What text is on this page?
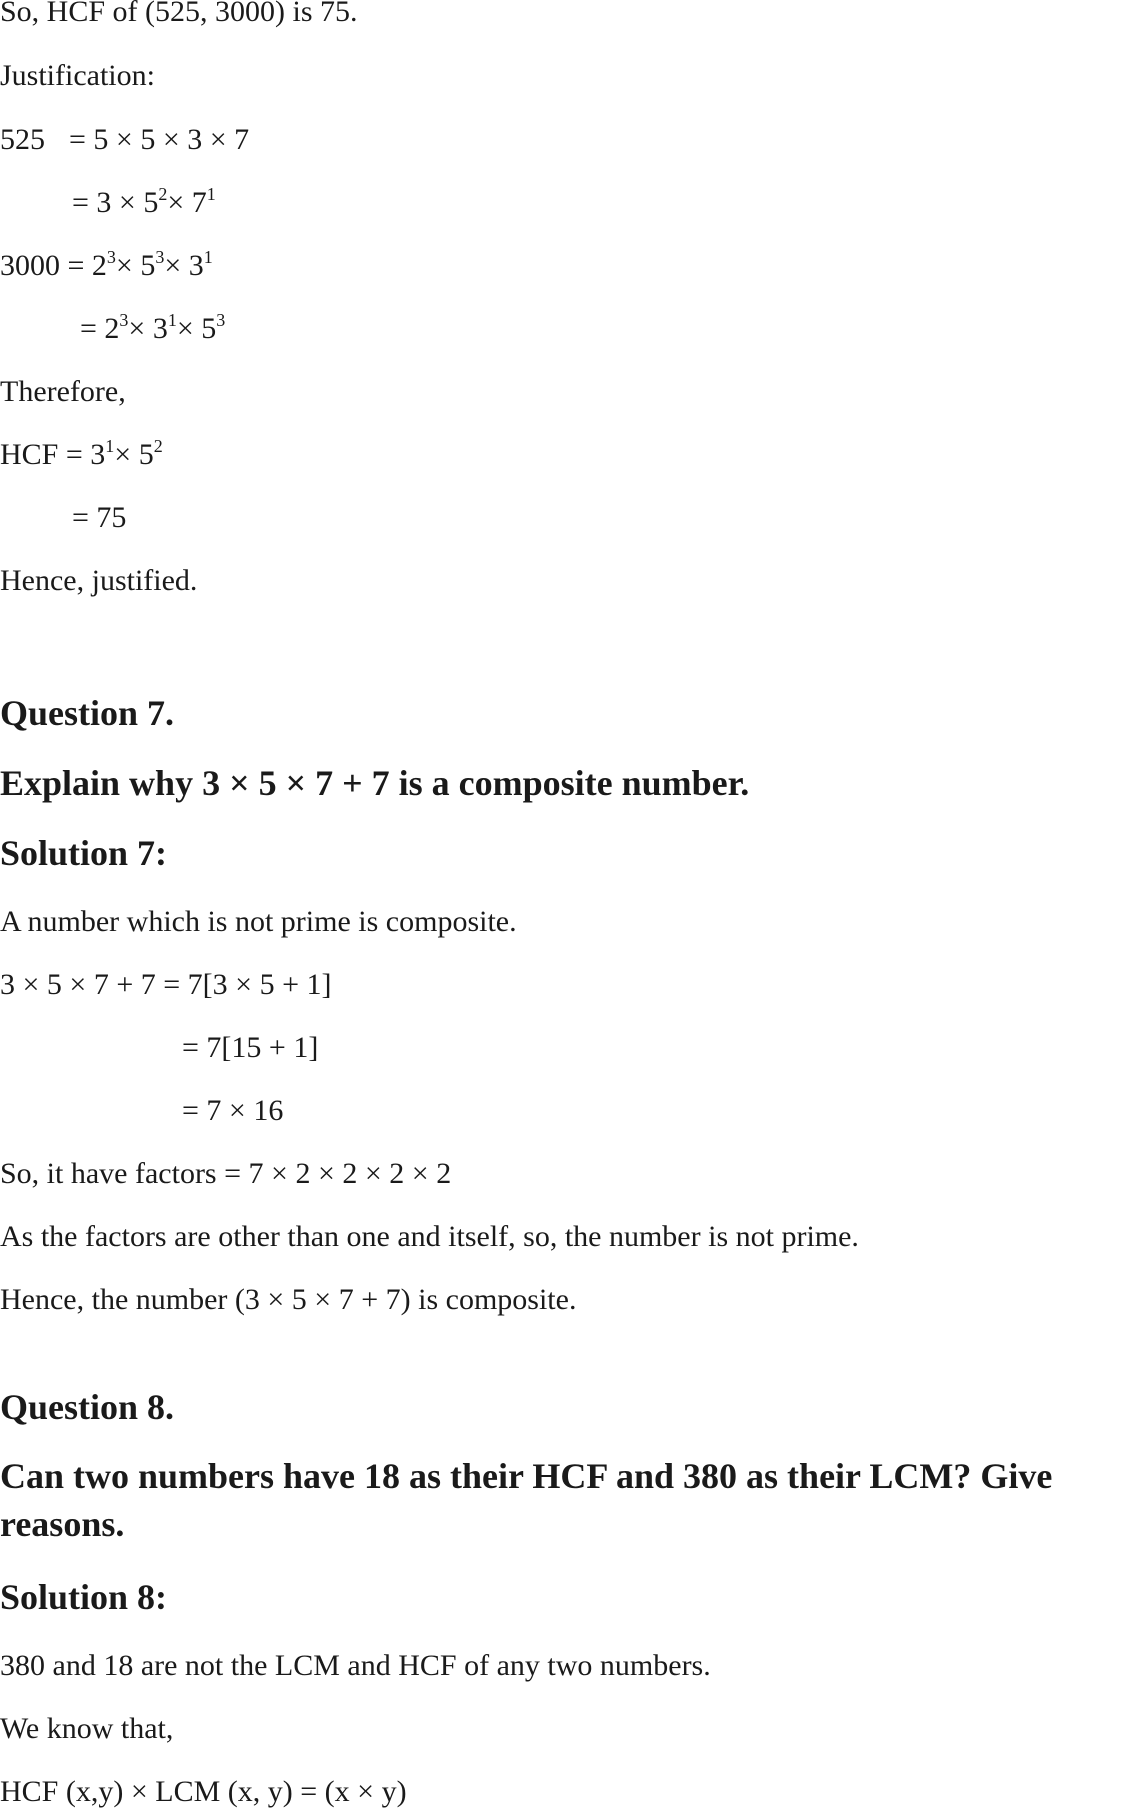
So, HCF of (525, 3000) is 75.
Justification:
525 = 5 × 5 × 3 × 7
= $3 \times 5^2\times 7^1$
$3000 = 2^3\times 5^3\times 3^1$
= $2^3\times 3^1\times 5^3$
Therefore,
HCF = $3^1\times 5^2$
= 75
Hence, justified.
Question 7.
Explain why 3 × 5 × 7 + 7 is a composite number.
Solution 7:
A number which is not prime is composite.
3 × 5 × 7 + 7 = 7[3 × 5 + 1]
= 7[15 + 1]
= 7 × 16
So, it have factors = 7 × 2 × 2 × 2 × 2
As the factors are other than one and itself, so, the number is not prime.
Hence, the number (3 × 5 × 7 + 7) is composite.
Question 8.
Can two numbers have 18 as their HCF and 380 as their LCM? Give reasons.
Solution 8:
380 and 18 are not the LCM and HCF of any two numbers.
We know that,
HCF (x,y) × LCM (x, y) = (x × y)
